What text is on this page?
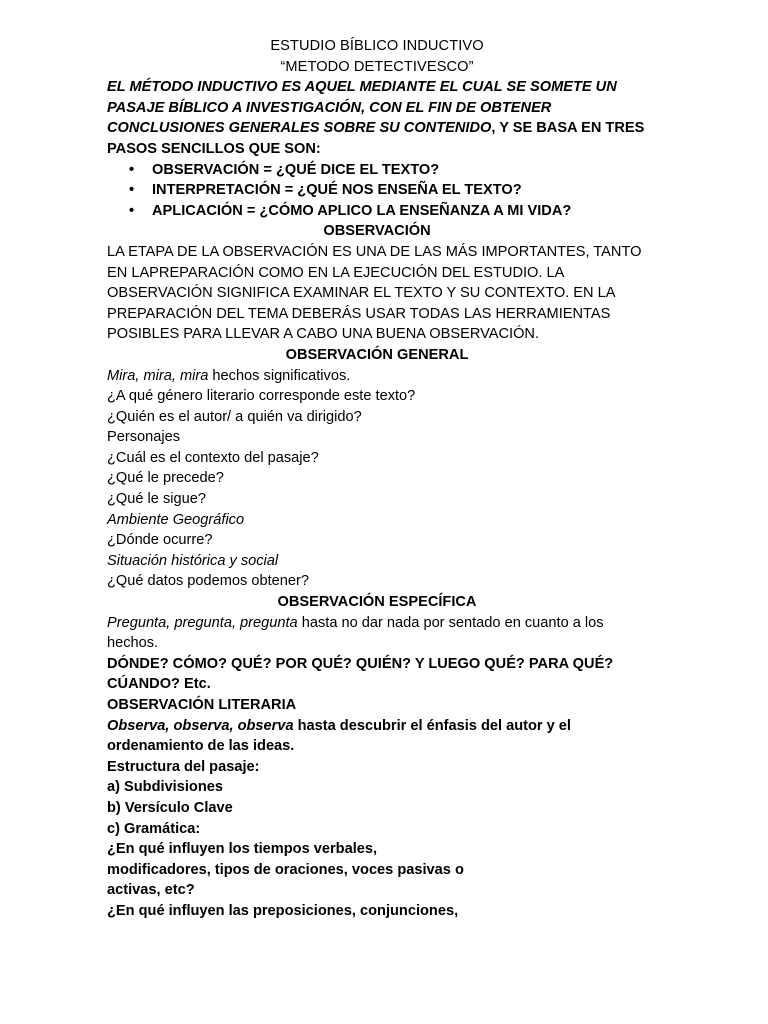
ESTUDIO BÍBLICO INDUCTIVO
“METODO DETECTIVESCO”

EL MÉTODO INDUCTIVO ES AQUEL MEDIANTE EL CUAL SE SOMETE UN PASAJE BÍBLICO A INVESTIGACIÓN, CON EL FIN DE OBTENER CONCLUSIONES GENERALES SOBRE SU CONTENIDO, Y SE BASA EN TRES PASOS SENCILLOS QUE SON:

• OBSERVACIÓN = ¿QUÉ DICE EL TEXTO?
• INTERPRETACIÓN = ¿QUÉ NOS ENSEÑA EL TEXTO?
• APLICACIÓN = ¿CÓMO APLICO LA ENSEÑANZA A MI VIDA?
OBSERVACIÓN

LA ETAPA DE LA OBSERVACIÓN ES UNA DE LAS MÁS IMPORTANTES, TANTO EN LAPREPARACIÓN COMO EN LA EJECUCIÓN DEL ESTUDIO. LA OBSERVACIÓN SIGNIFICA EXAMINAR EL TEXTO Y SU CONTEXTO. EN LA PREPARACIÓN DEL TEMA DEBERÁS USAR TODAS LAS HERRAMIENTAS POSIBLES PARA LLEVAR A CABO UNA BUENA OBSERVACIÓN.

OBSERVACIÓN GENERAL
Mira, mira, mira hechos significativos.
¿A qué género literario corresponde este texto?
¿Quién es el autor/ a quién va dirigido?
Personajes
¿Cuál es el contexto del pasaje?
¿Qué le precede?
¿Qué le sigue?
Ambiente Geográfico
¿Dónde ocurre?
Situación histórica y social
¿Qué datos podemos obtener?
OBSERVACIÓN ESPECÍFICA

Pregunta, pregunta, pregunta hasta no dar nada por sentado en cuanto a los hechos.

DÓNDE? CÓMO? QUÉ? POR QUÉ? QUIÉN? Y LUEGO QUÉ? PARA QUÉ? CÚANDO? Etc.

OBSERVACIÓN LITERARIA

Observa, observa, observa hasta descubrir el énfasis del autor y el ordenamiento de las ideas.

Estructura del pasaje:
a) Subdivisiones
b) Versículo Clave
c) Gramática:
¿En qué influyen los tiempos verbales,
modificadores, tipos de oraciones, voces pasivas o
activas, etc?
¿En qué influyen las preposiciones, conjunciones,
